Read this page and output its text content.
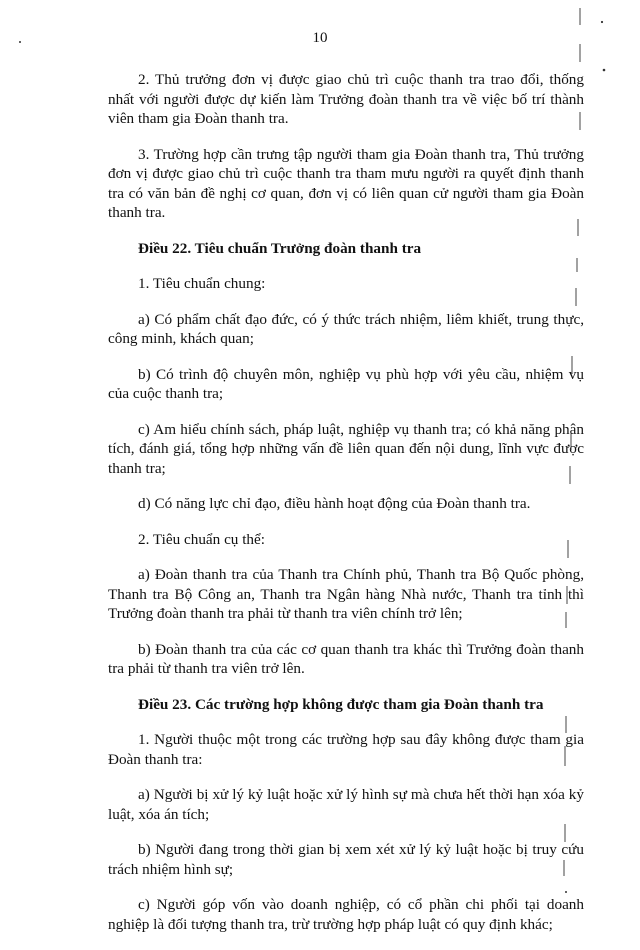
10

2. Thủ trưởng đơn vị được giao chủ trì cuộc thanh tra trao đổi, thống nhất với người được dự kiến làm Trưởng đoàn thanh tra về việc bố trí thành viên tham gia Đoàn thanh tra.

3. Trường hợp cần trưng tập người tham gia Đoàn thanh tra, Thủ trưởng đơn vị được giao chủ trì cuộc thanh tra tham mưu người ra quyết định thanh tra có văn bản đề nghị cơ quan, đơn vị có liên quan cử người tham gia Đoàn thanh tra.

Điều 22. Tiêu chuẩn Trưởng đoàn thanh tra

1. Tiêu chuẩn chung:

a) Có phẩm chất đạo đức, có ý thức trách nhiệm, liêm khiết, trung thực, công minh, khách quan;

b) Có trình độ chuyên môn, nghiệp vụ phù hợp với yêu cầu, nhiệm vụ của cuộc thanh tra;

c) Am hiểu chính sách, pháp luật, nghiệp vụ thanh tra; có khả năng phân tích, đánh giá, tổng hợp những vấn đề liên quan đến nội dung, lĩnh vực được thanh tra;

d) Có năng lực chỉ đạo, điều hành hoạt động của Đoàn thanh tra.

2. Tiêu chuẩn cụ thể:

a) Đoàn thanh tra của Thanh tra Chính phủ, Thanh tra Bộ Quốc phòng, Thanh tra Bộ Công an, Thanh tra Ngân hàng Nhà nước, Thanh tra tỉnh thì Trưởng đoàn thanh tra phải từ thanh tra viên chính trở lên;

b) Đoàn thanh tra của các cơ quan thanh tra khác thì Trưởng đoàn thanh tra phải từ thanh tra viên trở lên.

Điều 23. Các trường hợp không được tham gia Đoàn thanh tra

1. Người thuộc một trong các trường hợp sau đây không được tham gia Đoàn thanh tra:

a) Người bị xử lý kỷ luật hoặc xử lý hình sự mà chưa hết thời hạn xóa kỷ luật, xóa án tích;

b) Người đang trong thời gian bị xem xét xử lý kỷ luật hoặc bị truy cứu trách nhiệm hình sự;

c) Người góp vốn vào doanh nghiệp, có cổ phần chi phối tại doanh nghiệp là đối tượng thanh tra, trừ trường hợp pháp luật có quy định khác;
